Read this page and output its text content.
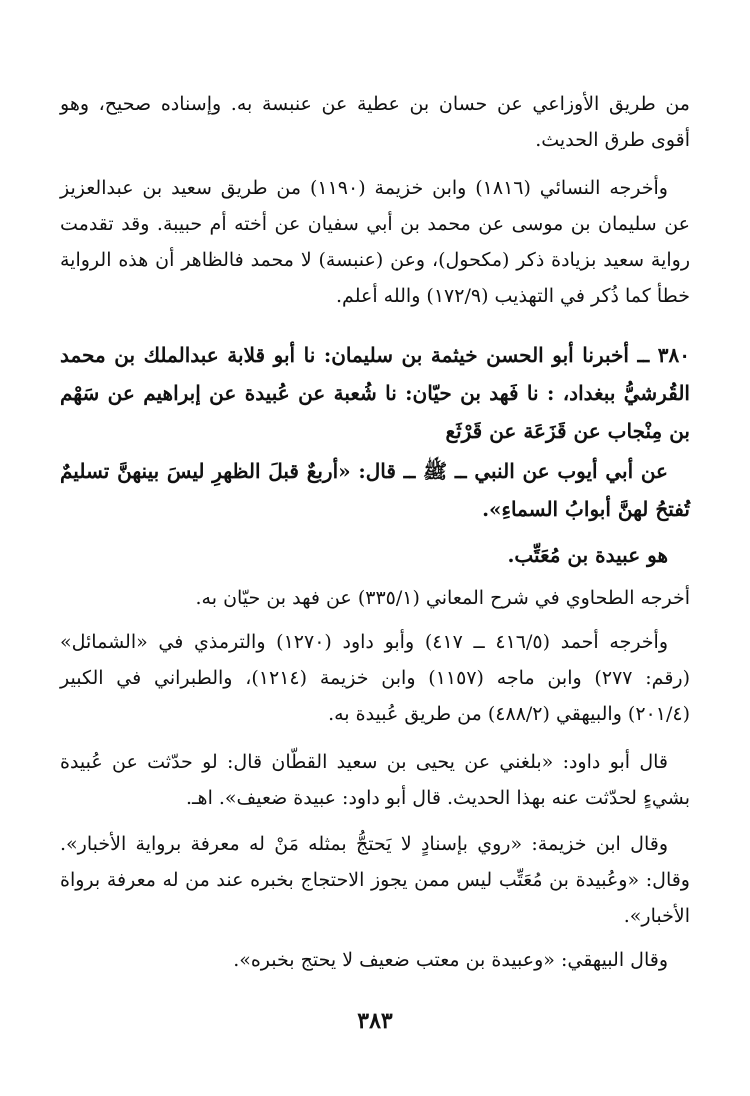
من طريق الأوزاعي عن حسان بن عطية عن عنبسة به. وإسناده صحيح، وهو أقوى طرق الحديث.
وأخرجه النسائي (١٨١٦) وابن خزيمة (١١٩٠) من طريق سعيد بن عبدالعزيز عن سليمان بن موسى عن محمد بن أبي سفيان عن أخته أم حبيبة. وقد تقدمت رواية سعيد بزيادة ذكر (مكحول)، وعن (عنبسة) لا محمد فالظاهر أن هذه الرواية خطأ كما ذُكر في التهذيب (١٧٢/٩) والله أعلم.
٣٨٠ ــ أخبرنا أبو الحسن خيثمة بن سليمان: نا أبو قلابة عبدالملك بن محمد القُرشيُّ ببغداد، : نا فَهد بن حيّان: نا شُعبة عن عُبيدة عن إبراهيم عن سَهْم بن مِنْجاب عن قَزَعَة عن قَرْثَع
عن أبي أيوب عن النبي ــ ﷺ ــ قال: «أربعٌ قبلَ الظهرِ ليسَ بينهنَّ تسليمٌ تُفتحُ لهنَّ أبوابُ السماءِ».
هو عبيدة بن مُعَتِّب.
أخرجه الطحاوي في شرح المعاني (٣٣٥/١) عن فهد بن حيّان به.
وأخرجه أحمد (٤١٦/٥ ــ ٤١٧) وأبو داود (١٢٧٠) والترمذي في «الشمائل» (رقم: ٢٧٧) وابن ماجه (١١٥٧) وابن خزيمة (١٢١٤)، والطبراني في الكبير (٢٠١/٤) والبيهقي (٤٨٨/٢) من طريق عُبيدة به.
قال أبو داود: «بلغني عن يحيى بن سعيد القطّان قال: لو حدّثت عن عُبيدة بشيءٍ لحدّثت عنه بهذا الحديث. قال أبو داود: عبيدة ضعيف». اهـ.
وقال ابن خزيمة: «روي بإسنادٍ لا يَحتجُّ بمثله مَنْ له معرفة برواية الأخبار». وقال: «وعُبيدة بن مُعَتِّب ليس ممن يجوز الاحتجاج بخبره عند من له معرفة برواة الأخبار».
وقال البيهقي: «وعبيدة بن معتب ضعيف لا يحتج بخبره».
٣٨٣
